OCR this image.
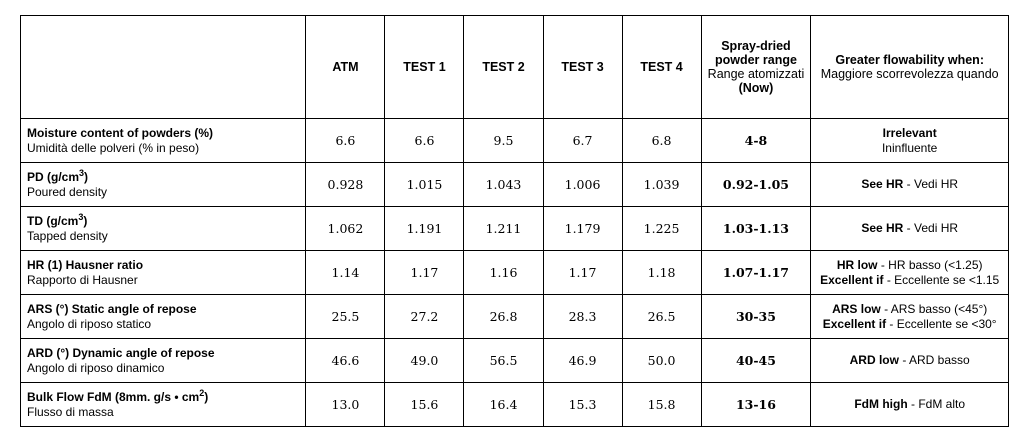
	ATM	TEST 1	TEST 2	TEST 3	TEST 4	Spray-dried powder range
Range atomizzati
(Now)	Greater flowability when:
Maggiore scorrevolezza quando

Moisture content of powders (%)
Umidità delle polveri (% in peso)	6.6	6.6	9.5	6.7	6.8	4-8	Irrelevant
Ininfluente

PD $(g/cm^3)$
Poured density	0.928	1.015	1.043	1.006	1.039	0.92-1.05	See HR - Vedi HR

TD $(g/cm^3)$
Tapped density	1.062	1.191	1.211	1.179	1.225	1.03-1.13	See HR - Vedi HR

HR (1) Hausner ratio
Rapporto di Hausner	1.14	1.17	1.16	1.17	1.18	1.07-1.17	HR low - HR basso (<1.25)
Excellent if - Eccellente se <1.15

ARS (°) Static angle of repose
Angolo di riposo statico	25.5	27.2	26.8	28.3	26.5	30-35	ARS low - ARS basso (<45°)
Excellent if - Eccellente se <30°

ARD (°) Dynamic angle of repose
Angolo di riposo dinamico	46.6	49.0	56.5	46.9	50.0	40-45	ARD low - ARD basso

Bulk Flow FdM (8mm. g/s • $cm^2$)
Flusso di massa	13.0	15.6	16.4	15.3	15.8	13-16	FdM high - FdM alto
